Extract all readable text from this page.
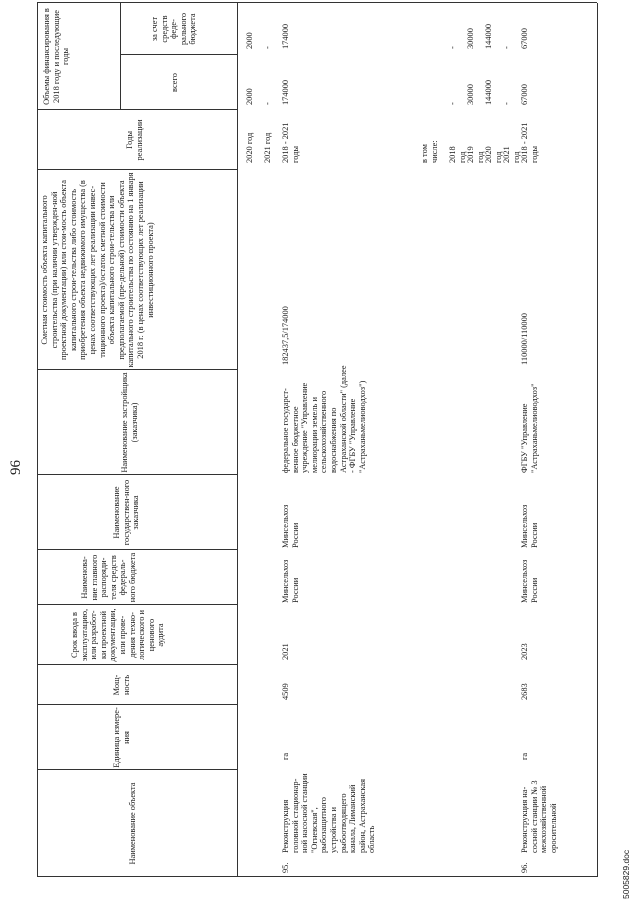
96
5005829.doc
Наименование объекта
Единица измере-ния
Мощ-ность
Срок ввода в эксплуатацию, или разработ-ки проектной документации, или прове-дения техно-логического и ценового аудита
Наименова-ние главного распоряди-теля средств федераль-ного бюджета
Наименование государствен-ного заказчика
Наименование застройщика (заказчика)
Сметная стоимость объекта капитального строительства (при наличии утвержден-ной проектной документации) или стои-мость объекта капитального строи-тельства либо стоимость приобретения объекта недвижимого имущества (в ценах соответствующих лет реализации инвес-тиционного проекта)/остаток сметной стоимости объекта капитального строи-тельства или предполагаемой (пре-дельной) стоимости объекта капитального строительства по состоянию на 1 января 2018 г. (в ценах соответствующих лет реализации инвестиционного проекта)
Годы реализации
Объемы финансирования в 2018 году и последующие годы
всего
за счет средств феде-рального бюджета
2020 год
2000
2000
2021 год
-
-
95.
Реконструкция головной стационар-ной насосной станции "Огневская", рыбозащитного устройства и рыбоотводящего канала, Лиманский район, Астраханская область
га
4509
2021
Минсельхоз России
Минсельхоз России
федеральное государст-венное бюджетное учреждение "Управление мелиорации земель и сельскохозяйственного водоснабжения по Астраханской области" (далее - ФГБУ "Управление "Астраханьмелиоводхоз")
182437,5/174000
2018 - 2021 годы
174000
174000
в том числе: 2018 год
-
-
2019 год
30000
30000
2020 год
144000
144000
2021 год
-
-
96.
Реконструкция на-сосной станции № 3 межхозяйственной оросительной
га
2683
2023
Минсельхоз России
Минсельхоз России
ФГБУ "Управление "Астраханьмелиоводхоз"
110000/110000
2018 - 2021 годы
67000
67000
